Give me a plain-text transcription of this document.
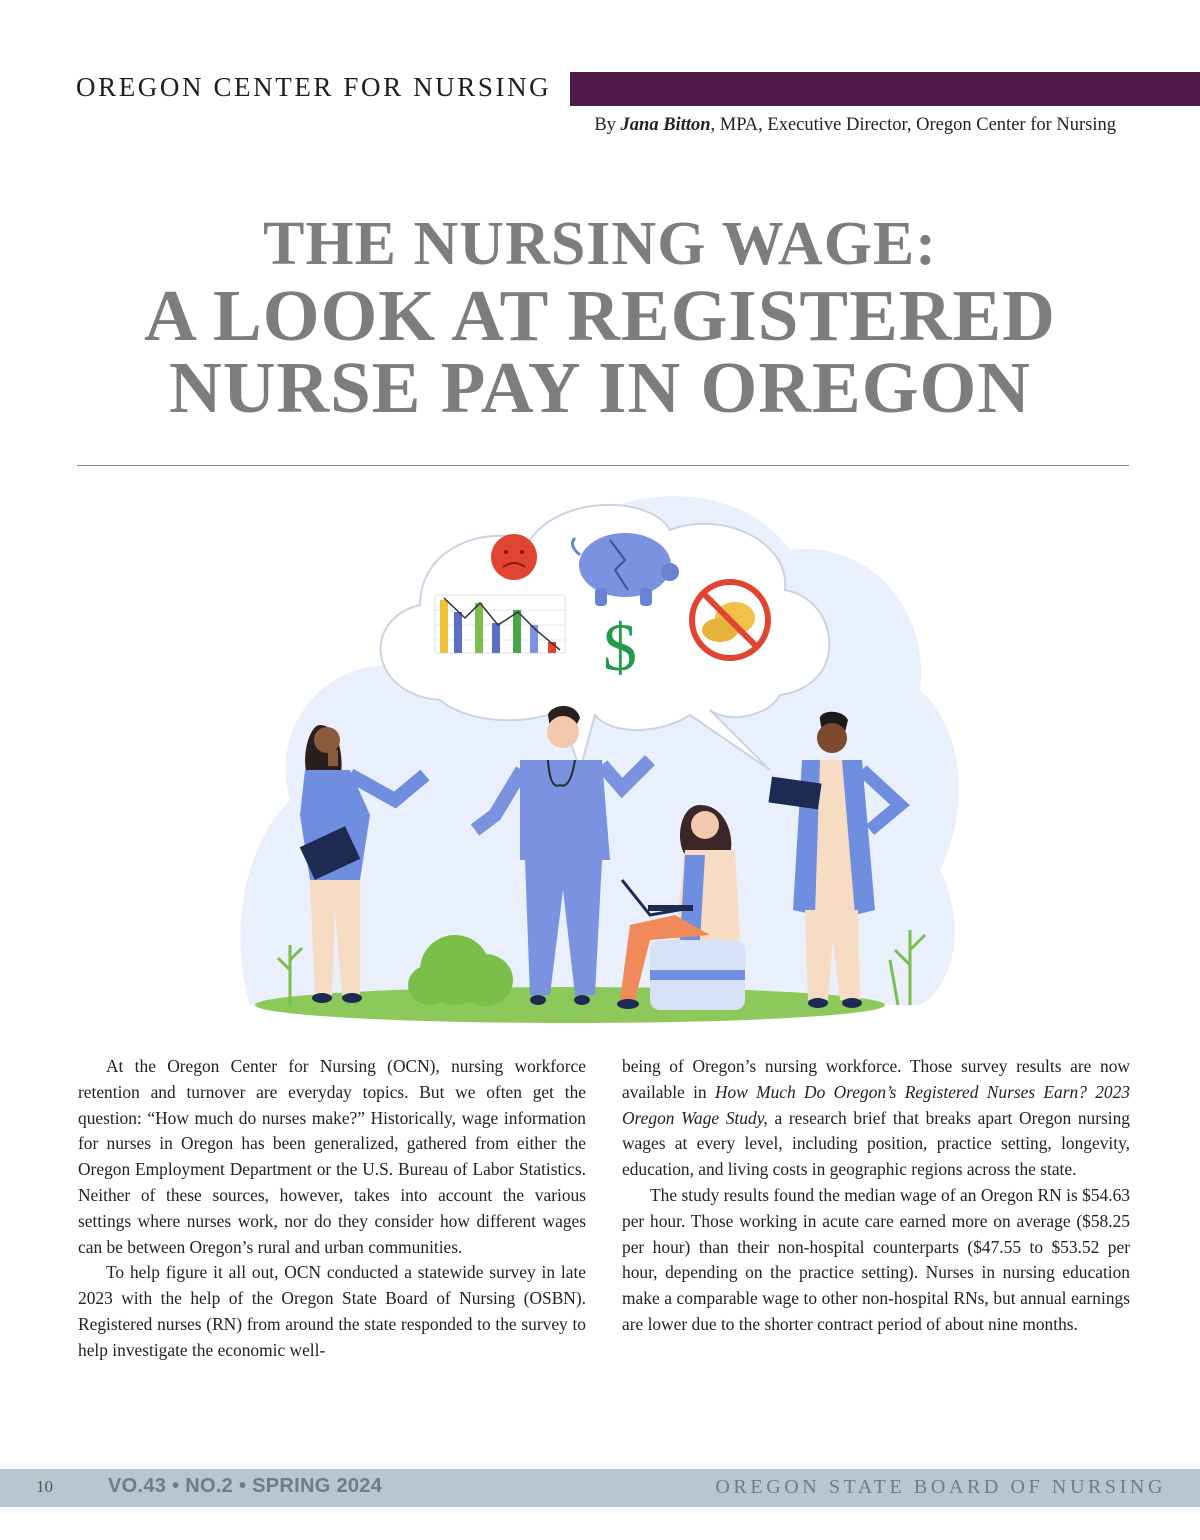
OREGON CENTER FOR NURSING
By Jana Bitton, MPA, Executive Director, Oregon Center for Nursing
THE NURSING WAGE:
A LOOK AT REGISTERED
NURSE PAY IN OREGON
$

At the Oregon Center for Nursing (OCN), nursing workforce retention and turnover are everyday topics. But we often get the question: “How much do nurses make?” Historically, wage information for nurses in Oregon has been generalized, gathered from either the Oregon Employment Department or the U.S. Bureau of Labor Statistics. Neither of these sources, however, takes into account the various settings where nurses work, nor do they consider how different wages can be between Oregon’s rural and urban communities.

To help figure it all out, OCN conducted a statewide survey in late 2023 with the help of the Oregon State Board of Nursing (OSBN). Registered nurses (RN) from around the state responded to the survey to help investigate the economic well-

being of Oregon’s nursing workforce. Those survey results are now available in How Much Do Oregon’s Registered Nurses Earn? 2023 Oregon Wage Study, a research brief that breaks apart Oregon nursing wages at every level, including position, practice setting, longevity, education, and living costs in geographic regions across the state.

The study results found the median wage of an Oregon RN is $54.63 per hour. Those working in acute care earned more on average ($58.25 per hour) than their non-hospital counterparts ($47.55 to $53.52 per hour, depending on the practice setting). Nurses in nursing education make a comparable wage to other non-hospital RNs, but annual earnings are lower due to the shorter contract period of about nine months.

10	VO.43 • NO.2 • SPRING 2024	OREGON STATE BOARD OF NURSING
